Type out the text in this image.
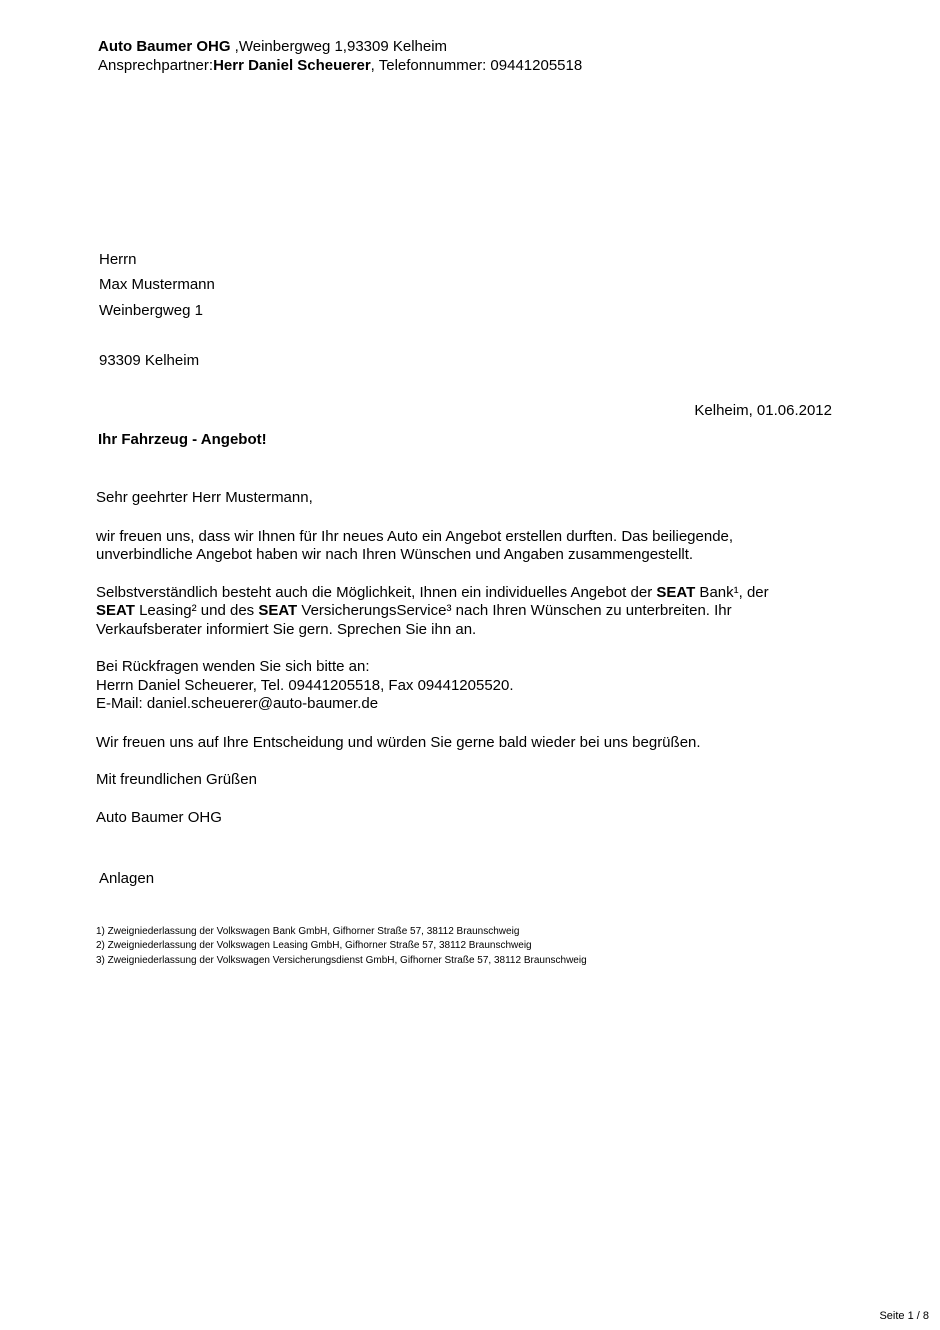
Auto Baumer OHG ,Weinbergweg 1,93309 Kelheim
Ansprechpartner:Herr Daniel Scheuerer, Telefonnummer: 09441205518
Herrn
Max Mustermann
Weinbergweg 1
93309 Kelheim
Kelheim, 01.06.2012
Ihr Fahrzeug - Angebot!
Sehr geehrter Herr Mustermann,
wir freuen uns, dass wir Ihnen für Ihr neues Auto ein Angebot erstellen durften. Das beiliegende,
unverbindliche Angebot haben wir nach Ihren Wünschen und Angaben zusammengestellt.
Selbstverständlich besteht auch die Möglichkeit, Ihnen ein individuelles Angebot der SEAT Bank¹, der
SEAT Leasing² und des SEAT VersicherungsService³ nach Ihren Wünschen zu unterbreiten. Ihr
Verkaufsberater informiert Sie gern. Sprechen Sie ihn an.
Bei Rückfragen wenden Sie sich bitte an:
Herrn Daniel Scheuerer, Tel. 09441205518, Fax 09441205520.
E-Mail: daniel.scheuerer@auto-baumer.de
Wir freuen uns auf Ihre Entscheidung und würden Sie gerne bald wieder bei uns begrüßen.
Mit freundlichen Grüßen
Auto Baumer OHG
Anlagen
1) Zweigniederlassung der Volkswagen Bank GmbH, Gifhorner Straße 57, 38112 Braunschweig
2) Zweigniederlassung der Volkswagen Leasing GmbH, Gifhorner Straße 57, 38112 Braunschweig
3) Zweigniederlassung der Volkswagen Versicherungsdienst GmbH, Gifhorner Straße 57, 38112 Braunschweig
Seite 1 / 8
